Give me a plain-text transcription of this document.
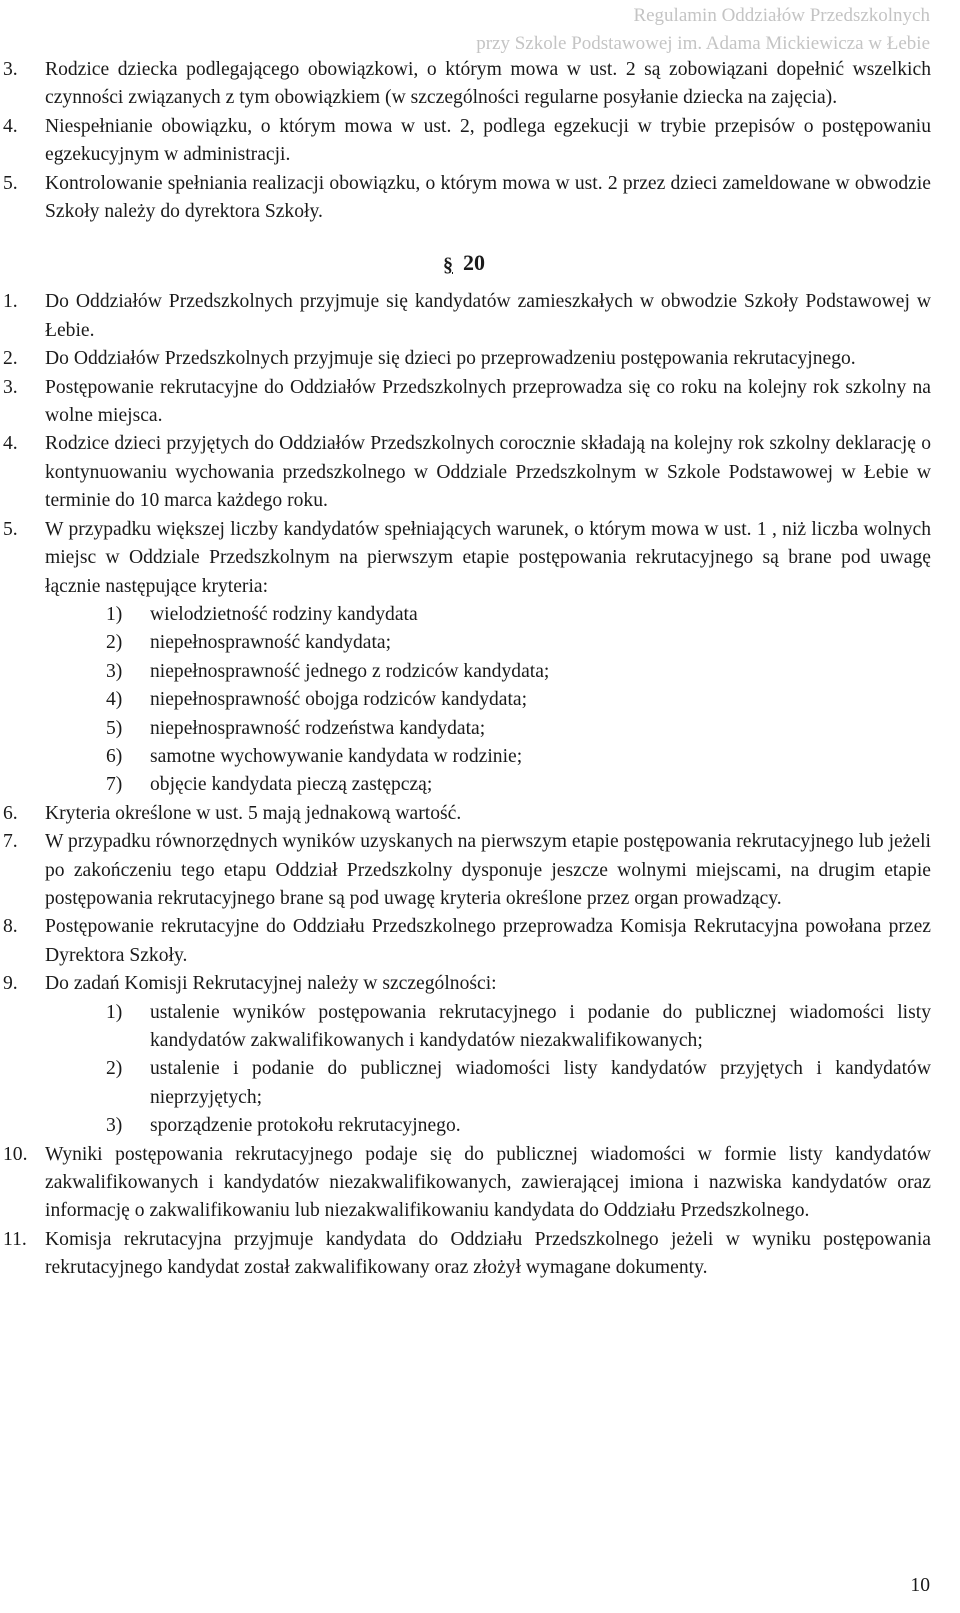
Regulamin Oddziałów Przedszkolnych
przy Szkole Podstawowej im. Adama Mickiewicza w Łebie
3.	Rodzice dziecka podlegającego obowiązkowi, o którym mowa w ust. 2 są zobowiązani dopełnić wszelkich czynności związanych z tym obowiązkiem (w szczególności regularne posyłanie dziecka na zajęcia).
4.	Niespełnianie obowiązku, o którym mowa w ust. 2, podlega egzekucji w trybie przepisów o postępowaniu egzekucyjnym w administracji.
5.	Kontrolowanie spełniania realizacji obowiązku, o którym mowa w ust. 2 przez dzieci zameldowane w obwodzie Szkoły należy do dyrektora Szkoły.
§ 20
1.	Do Oddziałów Przedszkolnych przyjmuje się kandydatów zamieszkałych w obwodzie Szkoły Podstawowej w Łebie.
2.	Do Oddziałów Przedszkolnych przyjmuje się dzieci po przeprowadzeniu postępowania rekrutacyjnego.
3.	Postępowanie rekrutacyjne do Oddziałów Przedszkolnych przeprowadza się co roku na kolejny rok szkolny na wolne miejsca.
4.	Rodzice dzieci przyjętych do Oddziałów Przedszkolnych corocznie składają na kolejny rok szkolny deklarację o kontynuowaniu wychowania przedszkolnego w Oddziale Przedszkolnym w Szkole Podstawowej w Łebie w terminie do 10 marca każdego roku.
5.	W przypadku większej liczby kandydatów spełniających warunek, o którym mowa w ust. 1 , niż liczba wolnych miejsc w Oddziale Przedszkolnym na pierwszym etapie postępowania rekrutacyjnego są brane pod uwagę łącznie następujące kryteria:
1)	wielodzietność rodziny kandydata
2)	niepełnosprawność kandydata;
3)	niepełnosprawność jednego z rodziców kandydata;
4)	niepełnosprawność obojga rodziców kandydata;
5)	niepełnosprawność rodzeństwa kandydata;
6)	samotne wychowywanie kandydata w rodzinie;
7)	objęcie kandydata pieczą zastępczą;
6.	Kryteria określone w ust. 5 mają jednakową wartość.
7.	W przypadku równorzędnych wyników uzyskanych na pierwszym etapie postępowania rekrutacyjnego lub jeżeli po zakończeniu tego etapu Oddział Przedszkolny dysponuje jeszcze wolnymi miejscami, na drugim etapie postępowania rekrutacyjnego brane są pod uwagę kryteria określone przez organ prowadzący.
8.	Postępowanie rekrutacyjne do Oddziału Przedszkolnego przeprowadza Komisja Rekrutacyjna powołana przez Dyrektora Szkoły.
9.	Do zadań Komisji Rekrutacyjnej należy w szczególności:
1)	ustalenie wyników postępowania rekrutacyjnego i podanie do publicznej wiadomości listy kandydatów zakwalifikowanych i kandydatów niezakwalifikowanych;
2)	ustalenie i podanie do publicznej wiadomości listy kandydatów przyjętych i kandydatów nieprzyjętych;
3)	sporządzenie protokołu rekrutacyjnego.
10. Wyniki postępowania rekrutacyjnego podaje się do publicznej wiadomości w formie listy kandydatów zakwalifikowanych i kandydatów niezakwalifikowanych, zawierającej imiona i nazwiska kandydatów oraz informację o zakwalifikowaniu lub niezakwalifikowaniu kandydata do Oddziału Przedszkolnego.
11. Komisja rekrutacyjna przyjmuje kandydata do Oddziału Przedszkolnego jeżeli w wyniku postępowania rekrutacyjnego kandydat został zakwalifikowany oraz złożył wymagane dokumenty.
10
